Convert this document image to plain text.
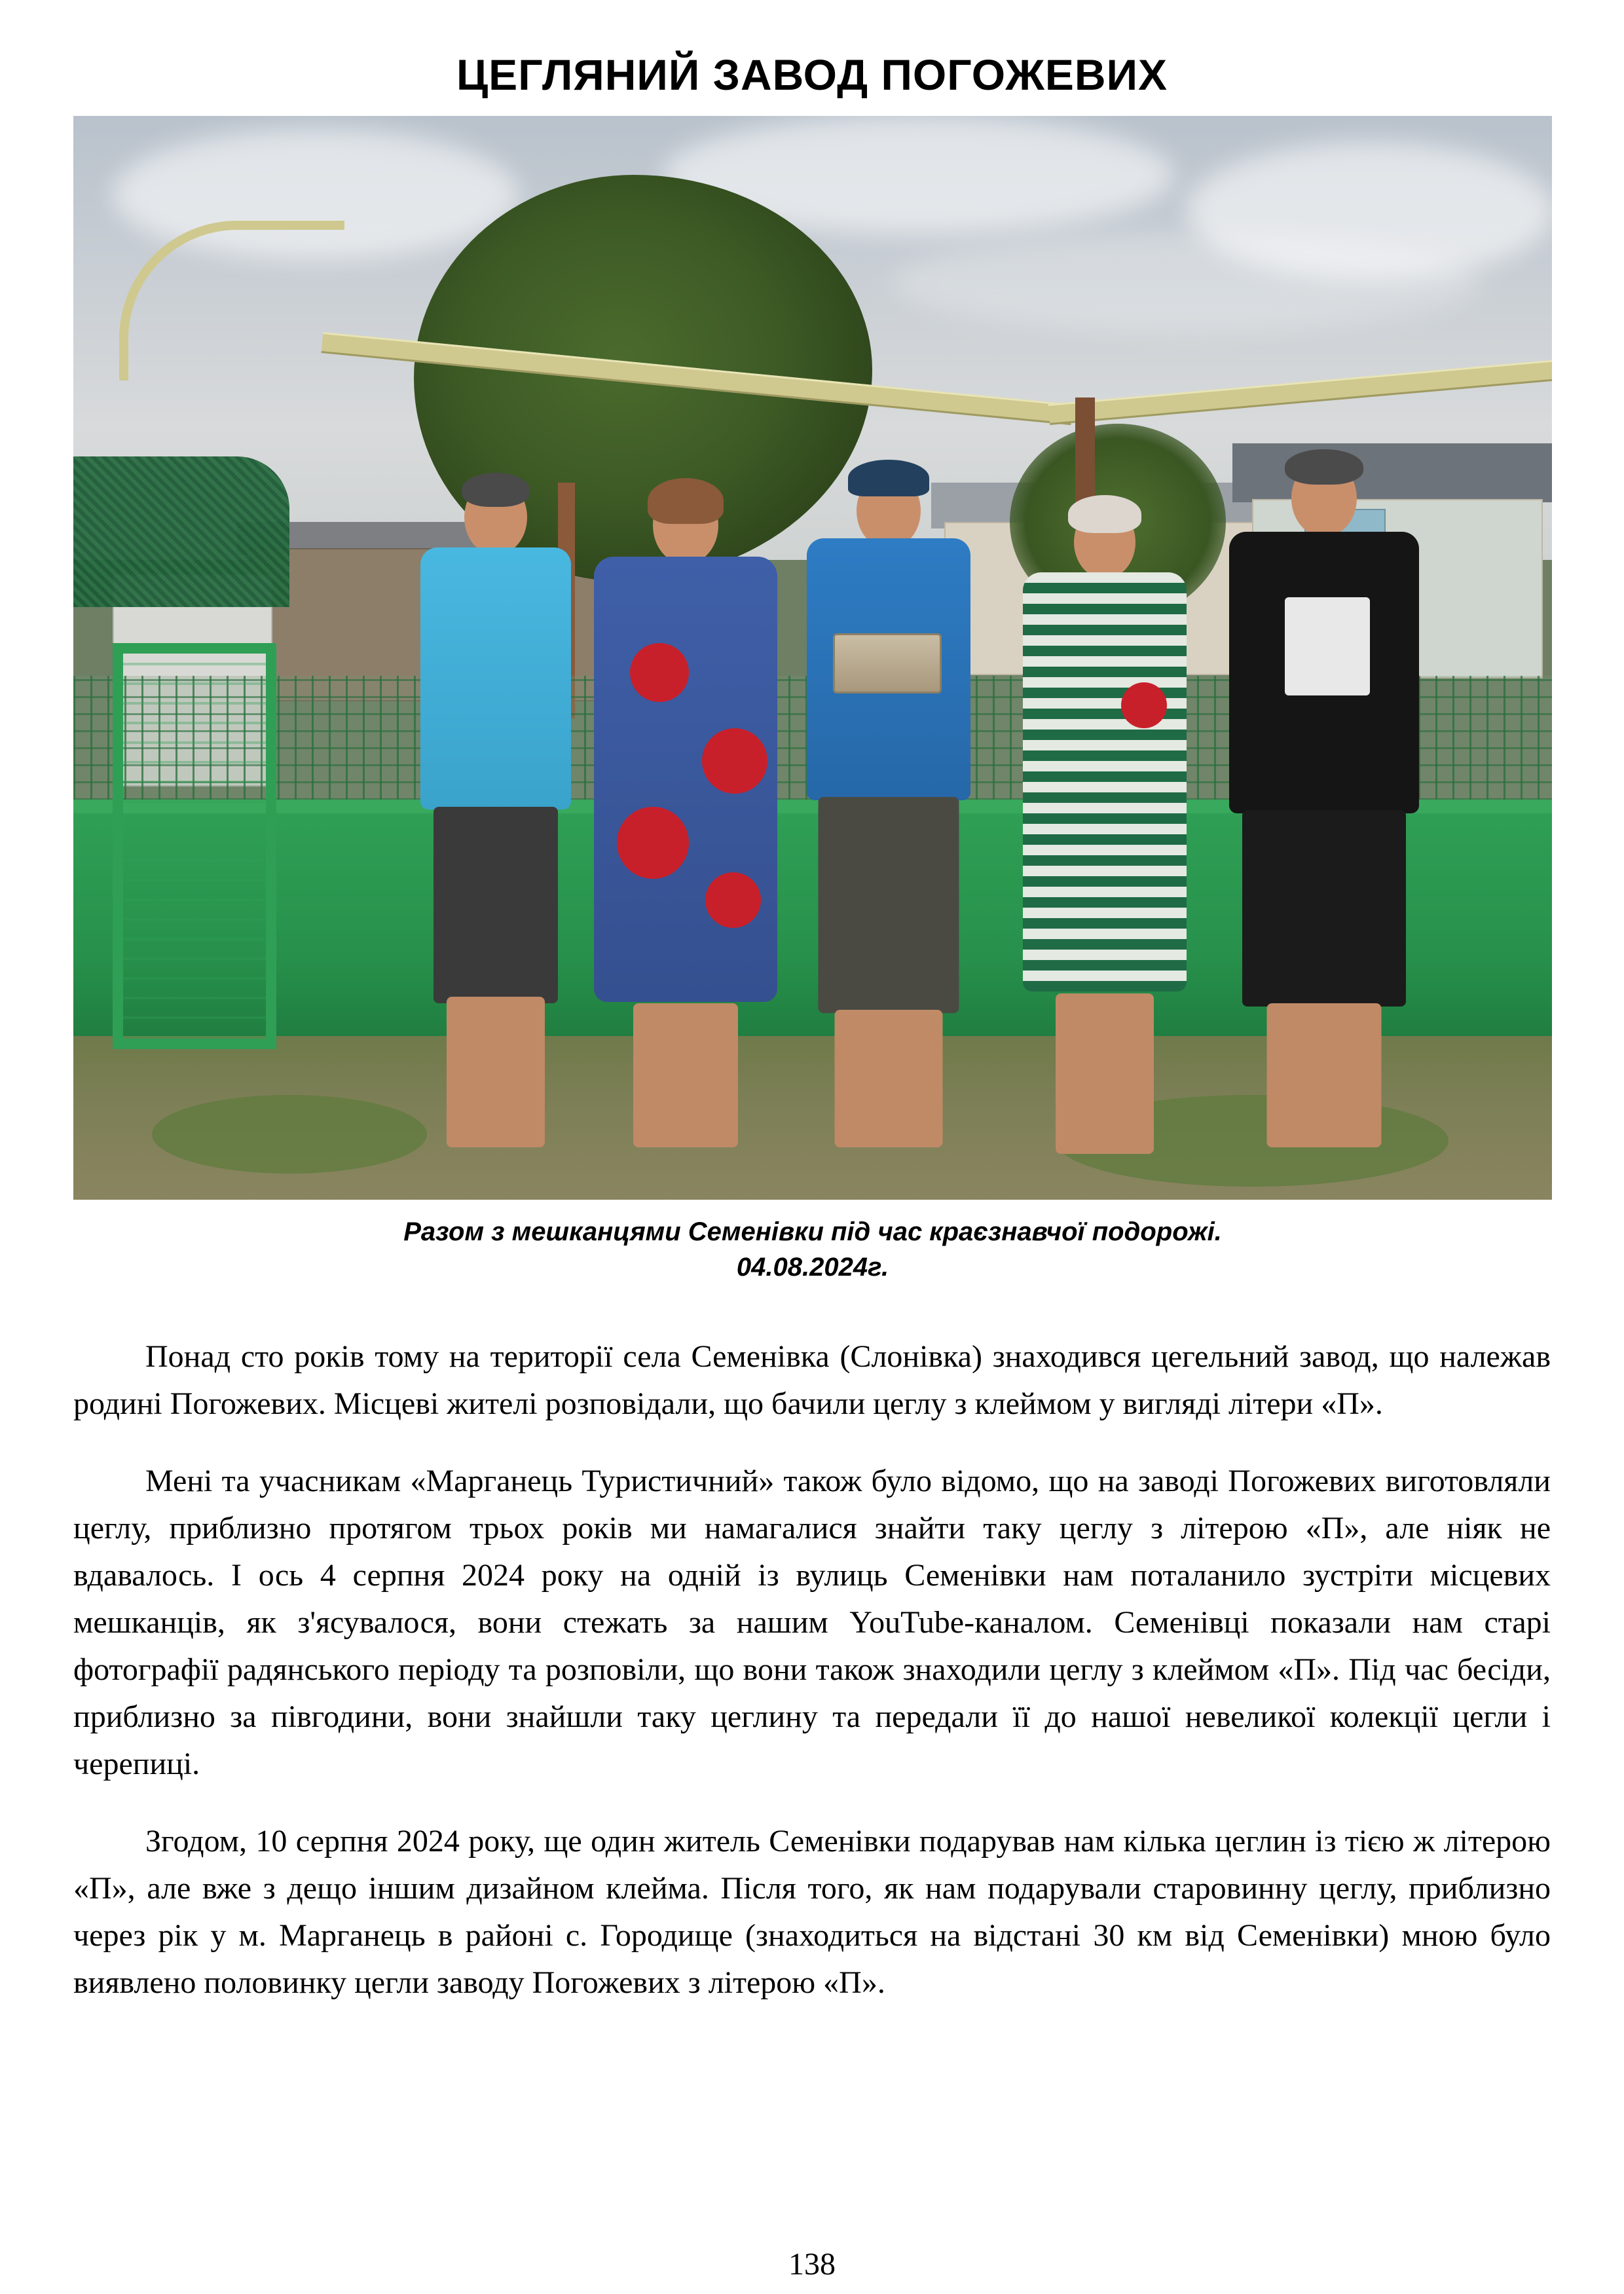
ЦЕГЛЯНИЙ ЗАВОД ПОГОЖЕВИХ
Разом з мешканцями Семенівки під час краєзнавчої подорожі.
04.08.2024г.

Понад сто років тому на території села Семенівка (Слонівка) знаходився цегельний завод, що належав родині Погожевих. Місцеві жителі розповідали, що бачили цеглу з клеймом у вигляді літери «П».

Мені та учасникам «Марганець Туристичний» також було відомо, що на заводі Погожевих виготовляли цеглу, приблизно протягом трьох років ми намагалися знайти таку цеглу з літерою «П», але ніяк не вдавалось. І ось 4 серпня 2024 року на одній із вулиць Семенівки нам поталанило зустріти місцевих мешканців, як з'ясувалося, вони стежать за нашим YouTube-каналом. Семенівці показали нам старі фотографії радянського періоду та розповіли, що вони також знаходили цеглу з клеймом «П». Під час бесіди, приблизно за півгодини, вони знайшли таку цеглину та передали її до нашої невеликої колекції цегли і черепиці.

Згодом, 10 серпня 2024 року, ще один житель Семенівки подарував нам кілька цеглин із тією ж літерою «П», але вже з дещо іншим дизайном клейма. Після того, як нам подарували старовинну цеглу, приблизно через рік у м. Марганець в районі с. Городище (знаходиться на відстані 30 км від Семенівки) мною було виявлено половинку цегли заводу Погожевих з літерою «П».

138
